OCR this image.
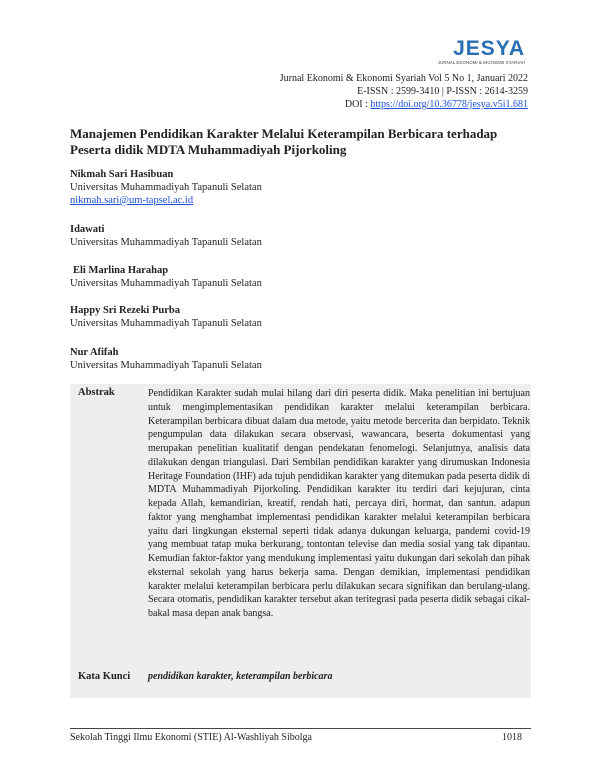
JESYA
JURNAL EKONOMI & EKONOMI SYARIAH
Jurnal Ekonomi & Ekonomi Syariah Vol 5 No 1, Januari 2022
E-ISSN : 2599-3410 | P-ISSN : 2614-3259
DOI : https://doi.org/10.36778/jesya.v5i1.681
Manajemen Pendidikan Karakter Melalui Keterampilan Berbicara terhadap Peserta didik MDTA Muhammadiyah Pijorkoling
Nikmah Sari Hasibuan
Universitas Muhammadiyah Tapanuli Selatan
nikmah.sari@um-tapsel.ac.id
Idawati
Universitas Muhammadiyah Tapanuli Selatan
Eli Marlina Harahap
Universitas Muhammadiyah Tapanuli Selatan
Happy Sri Rezeki Purba
Universitas Muhammadiyah Tapanuli Selatan
Nur Afifah
Universitas Muhammadiyah Tapanuli Selatan
Abstrak	Pendidikan Karakter sudah mulai hilang dari diri peserta didik. Maka penelitian ini bertujuan untuk mengimplementasikan pendidikan karakter melalui keterampilan berbicara. Keterampilan berbicara dibuat dalam dua metode, yaitu metode bercerita dan berpidato. Teknik pengumpulan data dilakukan secara observasi, wawancara, beserta dokumentasi yang merupakan penelitian kualitatif dengan pendekatan fenomelogi. Selanjutnya, analisis data dilakukan dengan triangulasi. Dari Sembilan pendidikan karakter yang dirumuskan Indonesia Heritage Foundation (IHF) ada tujuh pendidikan karakter yang ditemukan pada peserta didik di MDTA Muhammadiyah Pijorkoling. Pendidikan karakter itu terdiri dari kejujuran, cinta kepada Allah, kemandirian, kreatif, rendah hati, percaya diri, hormat, dan santun. adapun faktor yang menghambat implementasi pendidikan karakter melalui keterampilan berbicara yaitu dari lingkungan eksternal seperti tidak adanya dukungan keluarga, pandemi covid-19 yang membuat tatap muka berkurang, tontontan televise dan media sosial yang tak dipantau. Kemudian faktor-faktor yang mendukung implementasi yaitu dukungan dari sekolah dan pihak eksternal sekolah yang harus bekerja sama. Dengan demikian, implementasi pendidikan karakter melalui keterampilan berbicara perlu dilakukan secara signifikan dan berulang-ulang. Secara otomatis, pendidikan karakter tersebut akan teritegrasi pada peserta didik sebagai cikal-bakal masa depan anak bangsa.
Kata Kunci pendidikan karakter, keterampilan berbicara
Sekolah Tinggi Ilmu Ekonomi (STIE) Al-Washliyah Sibolga	1018
